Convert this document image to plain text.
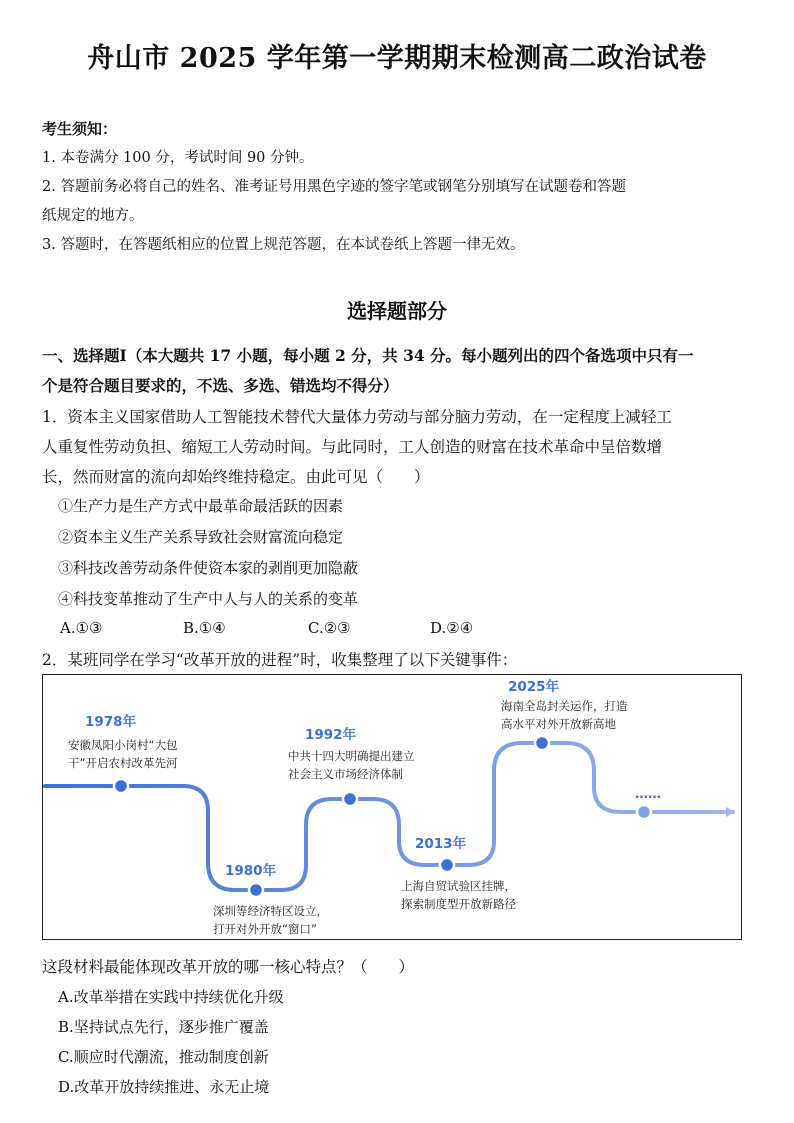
舟山市 2025 学年第一学期期末检测高二政治试卷
考生须知：
1. 本卷满分 100 分，考试时间 90 分钟。
2. 答题前务必将自己的姓名、准考证号用黑色字迹的签字笔或钢笔分别填写在试题卷和答题
纸规定的地方。
3. 答题时，在答题纸相应的位置上规范答题，在本试卷纸上答题一律无效。
选择题部分
一、选择题Ⅰ（本大题共 17 小题，每小题 2 分，共 34 分。每小题列出的四个备选项中只有一
个是符合题目要求的，不选、多选、错选均不得分）
1．资本主义国家借助人工智能技术替代大量体力劳动与部分脑力劳动，在一定程度上减轻工
人重复性劳动负担、缩短工人劳动时间。与此同时，工人创造的财富在技术革命中呈倍数增
长，然而财富的流向却始终维持稳定。由此可见（　　）
①生产力是生产方式中最革命最活跃的因素
②资本主义生产关系导致社会财富流向稳定
③科技改善劳动条件使资本家的剥削更加隐蔽
④科技变革推动了生产中人与人的关系的变革
A.①③	B.①④	C.②③	D.②④
2．某班同学在学习“改革开放的进程”时，收集整理了以下关键事件：
1978年
安徽凤阳小岗村“大包
干”开启农村改革先河
1980年
深圳等经济特区设立，
打开对外开放“窗口”
1992年
中共十四大明确提出建立
社会主义市场经济体制
2013年
上海自贸试验区挂牌，
探索制度型开放新路径
2025年
海南全岛封关运作，打造
高水平对外开放新高地
……
这段材料最能体现改革开放的哪一核心特点？（　　）
A.改革举措在实践中持续优化升级
B.坚持试点先行，逐步推广覆盖
C.顺应时代潮流，推动制度创新
D.改革开放持续推进、永无止境
